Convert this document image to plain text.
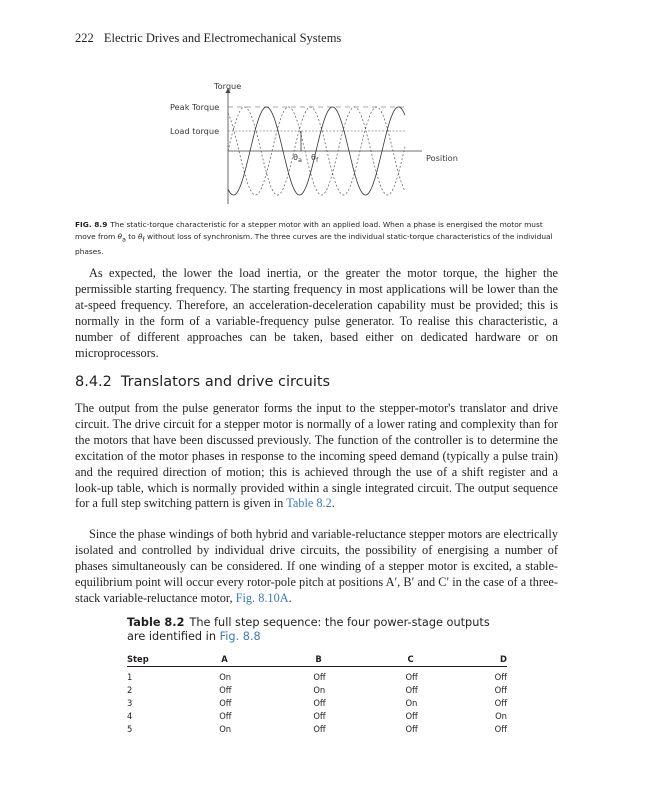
222 Electric Drives and Electromechanical Systems
Torque
Peak Torque
Load torque
Position
$\theta_a$ $\theta_f$
FIG. 8.9 The static-torque characteristic for a stepper motor with an applied load. When a phase is energised the motor must move from $\theta_a$ to $\theta_f$ without loss of synchronism. The three curves are the individual static-torque characteristics of the individual phases.

As expected, the lower the load inertia, or the greater the motor torque, the higher the permissible starting frequency. The starting frequency in most applications will be lower than the at-speed frequency. Therefore, an acceleration-deceleration capability must be provided; this is normally in the form of a variable-frequency pulse generator. To realise this characteristic, a number of different approaches can be taken, based either on dedicated hardware or on microprocessors.

8.4.2 Translators and drive circuits

The output from the pulse generator forms the input to the stepper-motor's translator and drive circuit. The drive circuit for a stepper motor is normally of a lower rating and complexity than for the motors that have been discussed previously. The function of the controller is to determine the excitation of the motor phases in response to the incoming speed demand (typically a pulse train) and the required direction of motion; this is achieved through the use of a shift register and a look-up table, which is normally provided within a single integrated circuit. The output sequence for a full step switching pattern is given in Table 8.2.

Since the phase windings of both hybrid and variable-reluctance stepper motors are electrically isolated and controlled by individual drive circuits, the possibility of energising a number of phases simultaneously can be considered. If one winding of a stepper motor is excited, a stable-equilibrium point will occur every rotor-pole pitch at positions A′, B′ and C′ in the case of a three-stack variable-reluctance motor, Fig. 8.10A.

Table 8.2 The full step sequence: the four power-stage outputs are identified in Fig. 8.8
Step	A	B	C	D
1	On	Off	Off	Off
2	Off	On	Off	Off
3	Off	Off	On	Off
4	Off	Off	Off	On
5	On	Off	Off	Off
